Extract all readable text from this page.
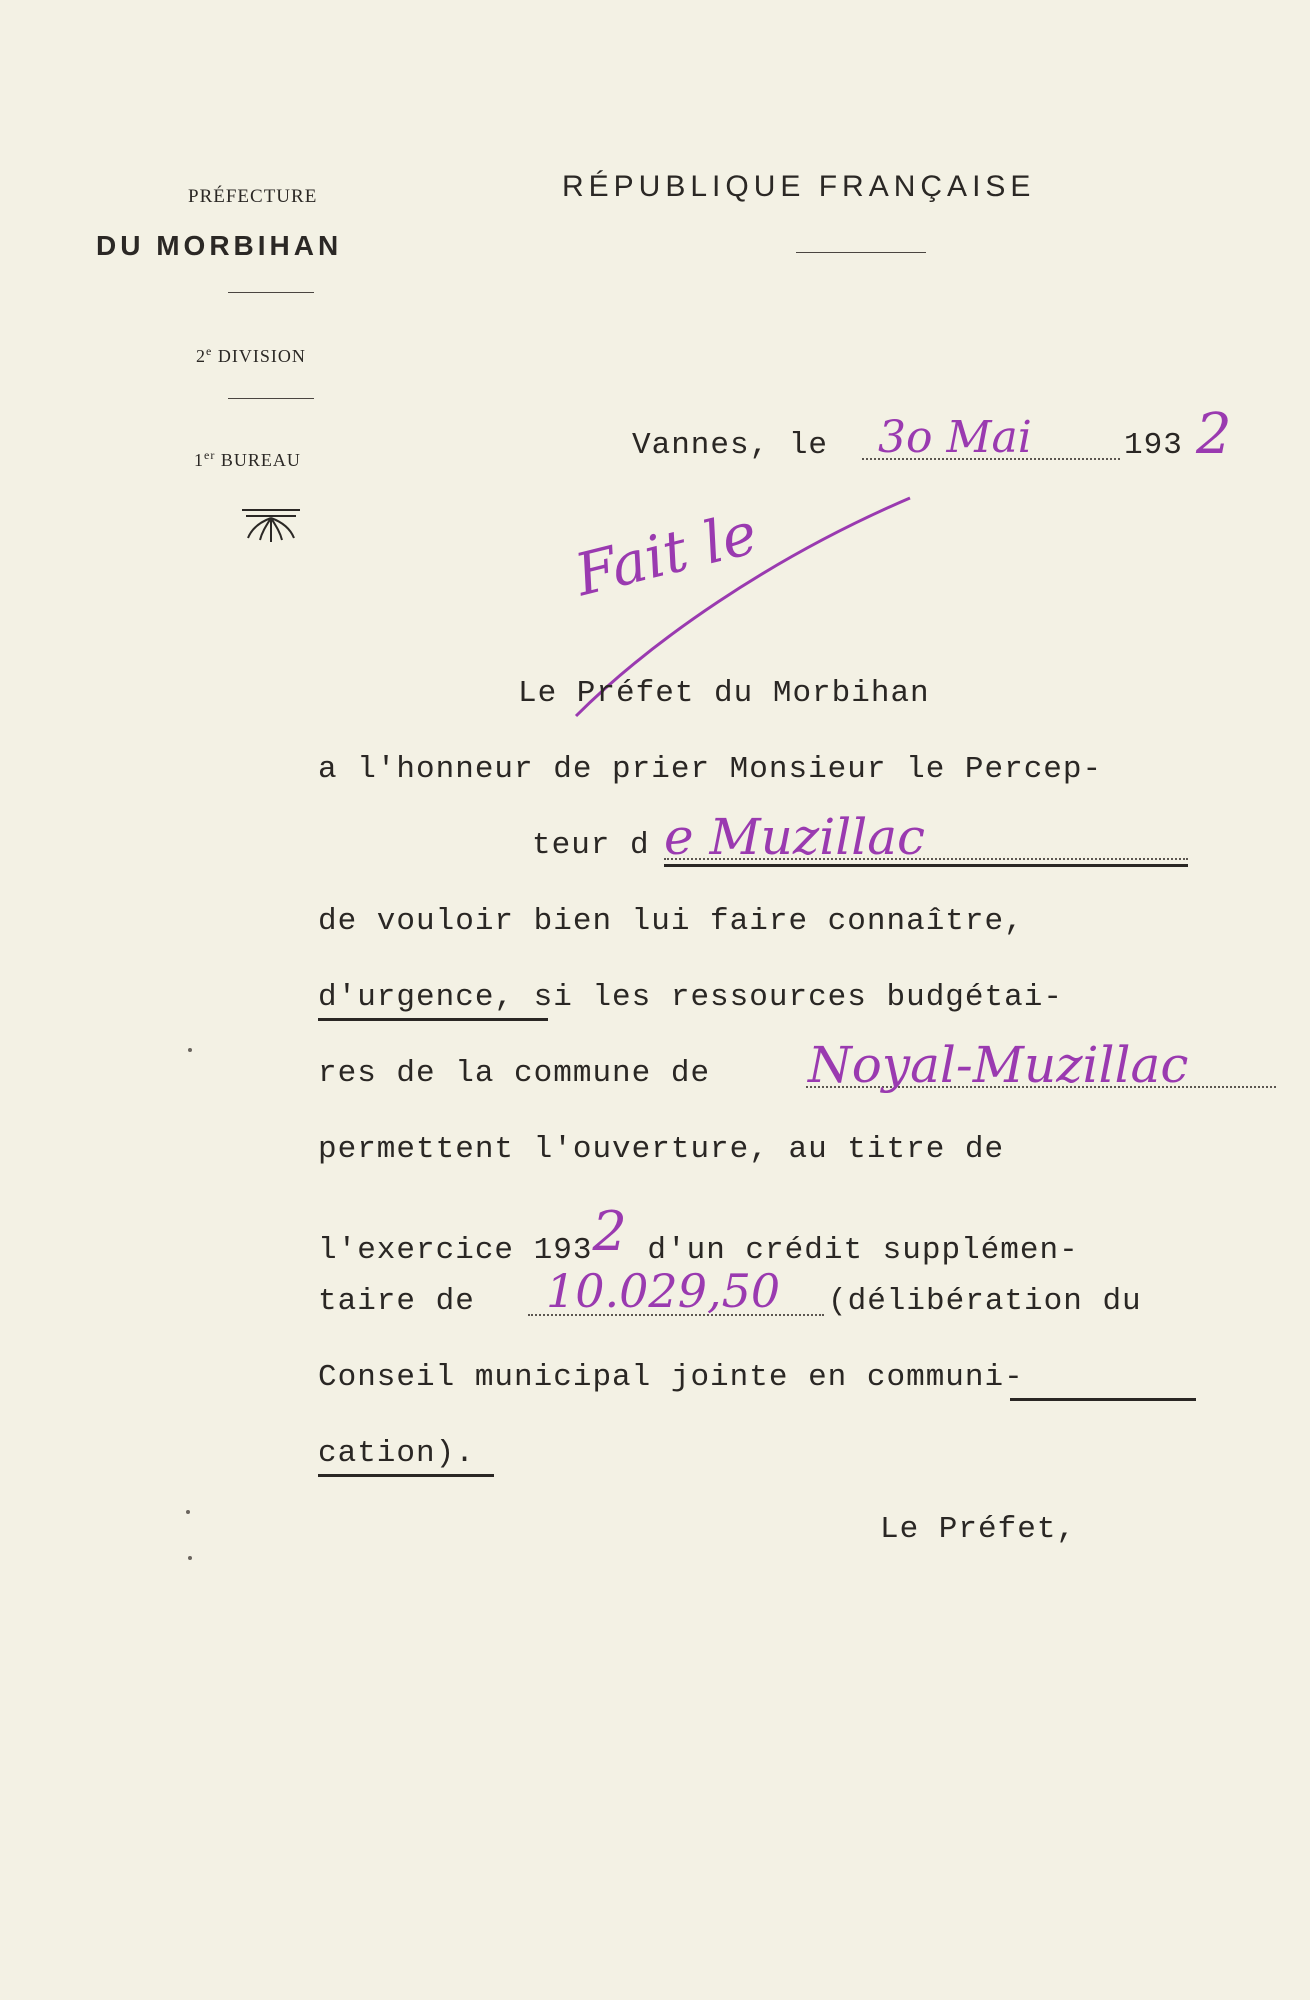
PRÉFECTURE
DU MORBIHAN
2e DIVISION
1er BUREAU
RÉPUBLIQUE FRANÇAISE
Vannes, le 3o Mai	193 2
Fait le
Le Préfet du Morbihan
a l'honneur de prier Monsieur le Percep-
teur d e Muzillac
de vouloir bien lui faire connaître,
d'urgence, si les ressources budgétai-
res de la commune de Noyal-Muzillac
permettent l'ouverture, au titre de
l'exercice 1932 d'un crédit supplémen-
taire de 10.029,50 (délibération du
Conseil municipal jointe en communi-
cation).
Le Préfet,
